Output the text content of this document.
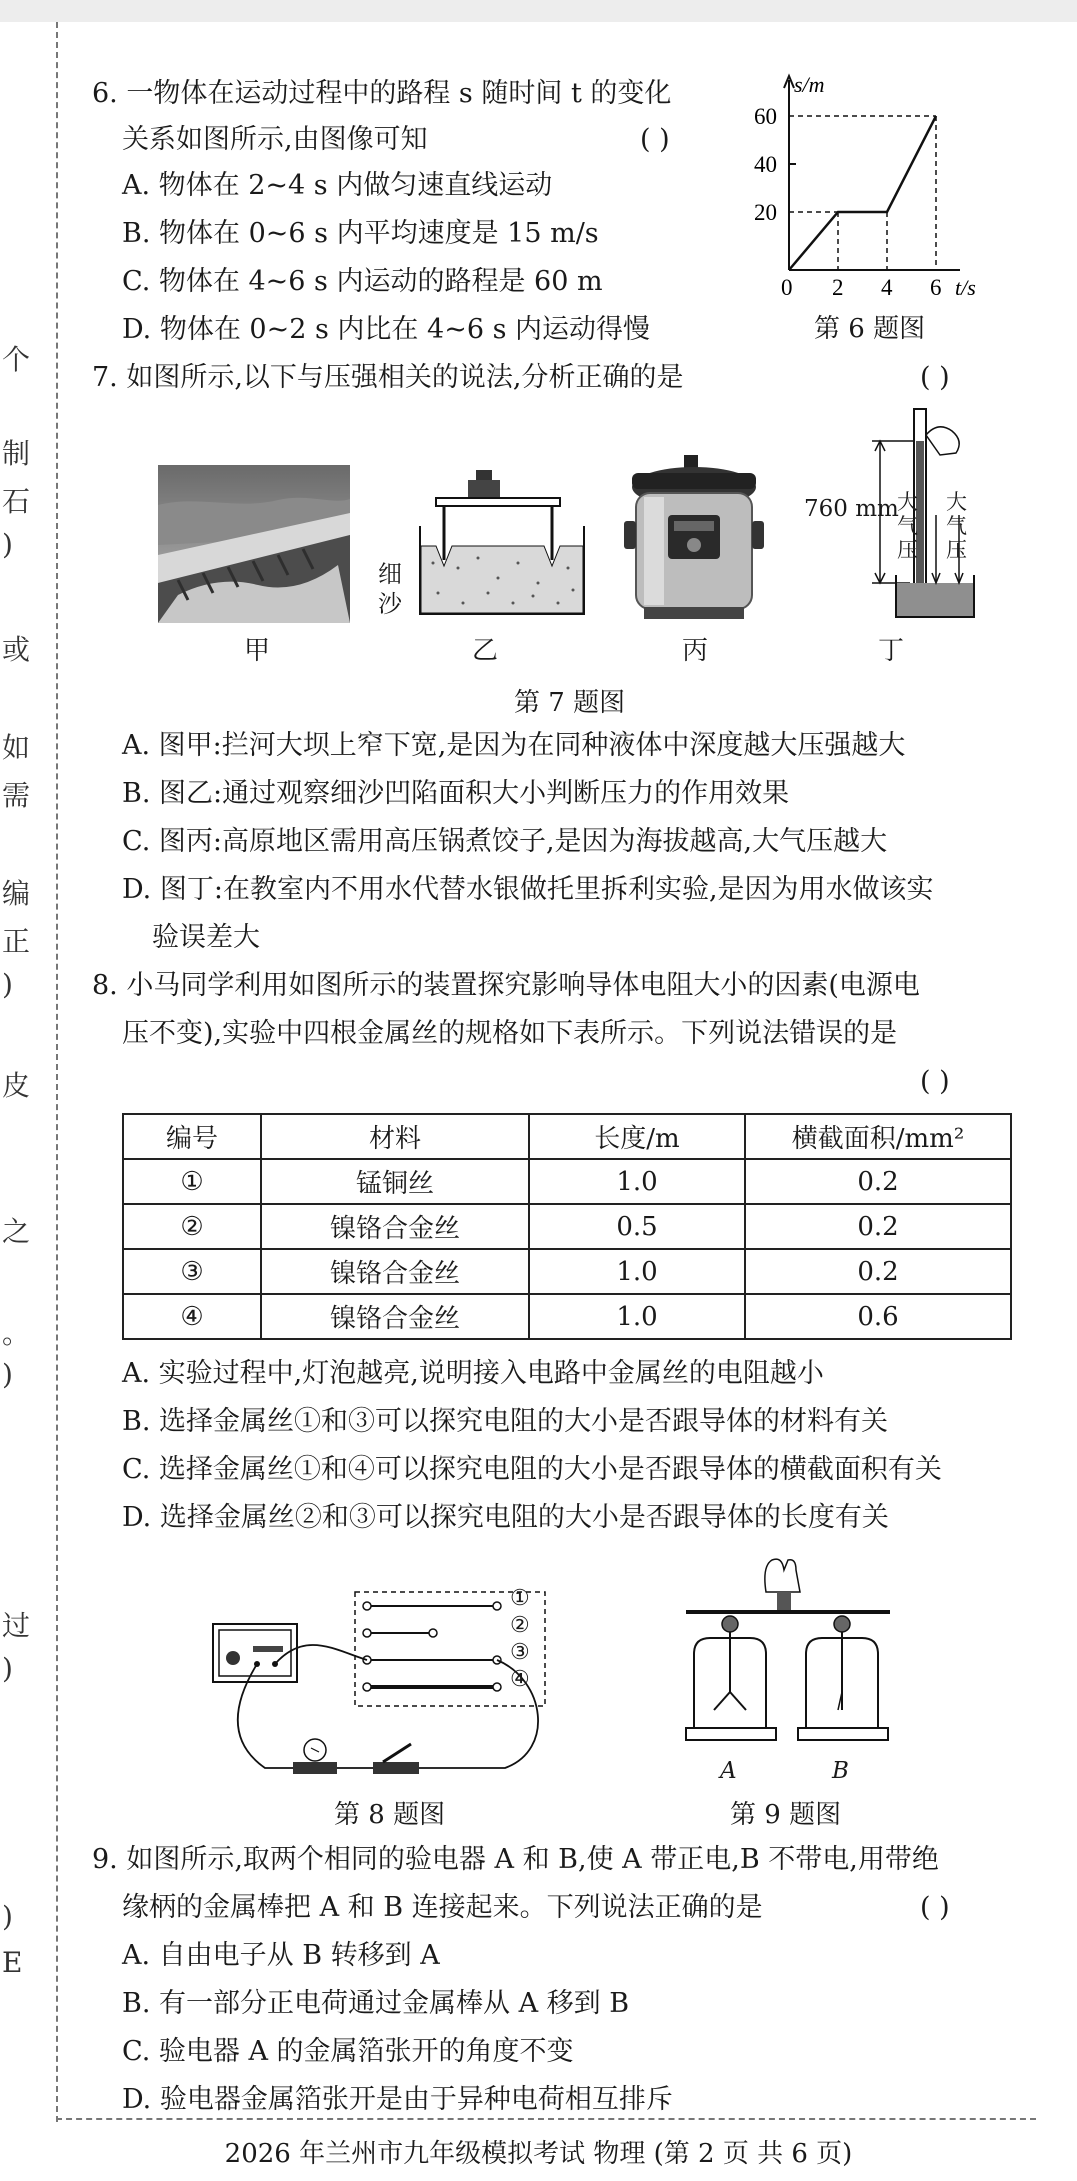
个
制
石
)
或
如
需
编
正
)
皮
之
。
)
过
)
)
E
6. 一物体在运动过程中的路程 s 随时间 t 的变化
关系如图所示,由图像可知	( )
A. 物体在 2~4 s 内做匀速直线运动
B. 物体在 0~6 s 内平均速度是 15 m/s
C. 物体在 4~6 s 内运动的路程是 60 m
D. 物体在 0~2 s 内比在 4~6 s 内运动得慢
s/m
20
40
60
0 2 4 6 t/s
第 6 题图
7. 如图所示,以下与压强相关的说法,分析正确的是	( )
甲
细
沙
乙	丙
760 mm
大
气
压
大
气
压
丁
第 7 题图
A. 图甲:拦河大坝上窄下宽,是因为在同种液体中深度越大压强越大
B. 图乙:通过观察细沙凹陷面积大小判断压力的作用效果
C. 图丙:高原地区需用高压锅煮饺子,是因为海拔越高,大气压越大
D. 图丁:在教室内不用水代替水银做托里拆利实验,是因为用水做该实
验误差大
8. 小马同学利用如图所示的装置探究影响导体电阻大小的因素(电源电
压不变),实验中四根金属丝的规格如下表所示。下列说法错误的是
( )
编号	材料	长度/m	横截面积/mm²
①	锰铜丝	1.0	0.2
②	镍铬合金丝	0.5	0.2
③	镍铬合金丝	1.0	0.2
④	镍铬合金丝	1.0	0.6
A. 实验过程中,灯泡越亮,说明接入电路中金属丝的电阻越小
B. 选择金属丝①和③可以探究电阻的大小是否跟导体的材料有关
C. 选择金属丝①和④可以探究电阻的大小是否跟导体的横截面积有关
D. 选择金属丝②和③可以探究电阻的大小是否跟导体的长度有关
①
②
③
④
第 8 题图
A	B
第 9 题图
9. 如图所示,取两个相同的验电器 A 和 B,使 A 带正电,B 不带电,用带绝
缘柄的金属棒把 A 和 B 连接起来。下列说法正确的是	( )
A. 自由电子从 B 转移到 A
B. 有一部分正电荷通过金属棒从 A 移到 B
C. 验电器 A 的金属箔张开的角度不变
D. 验电器金属箔张开是由于异种电荷相互排斥
2026 年兰州市九年级模拟考试 物理 (第 2 页 共 6 页)
